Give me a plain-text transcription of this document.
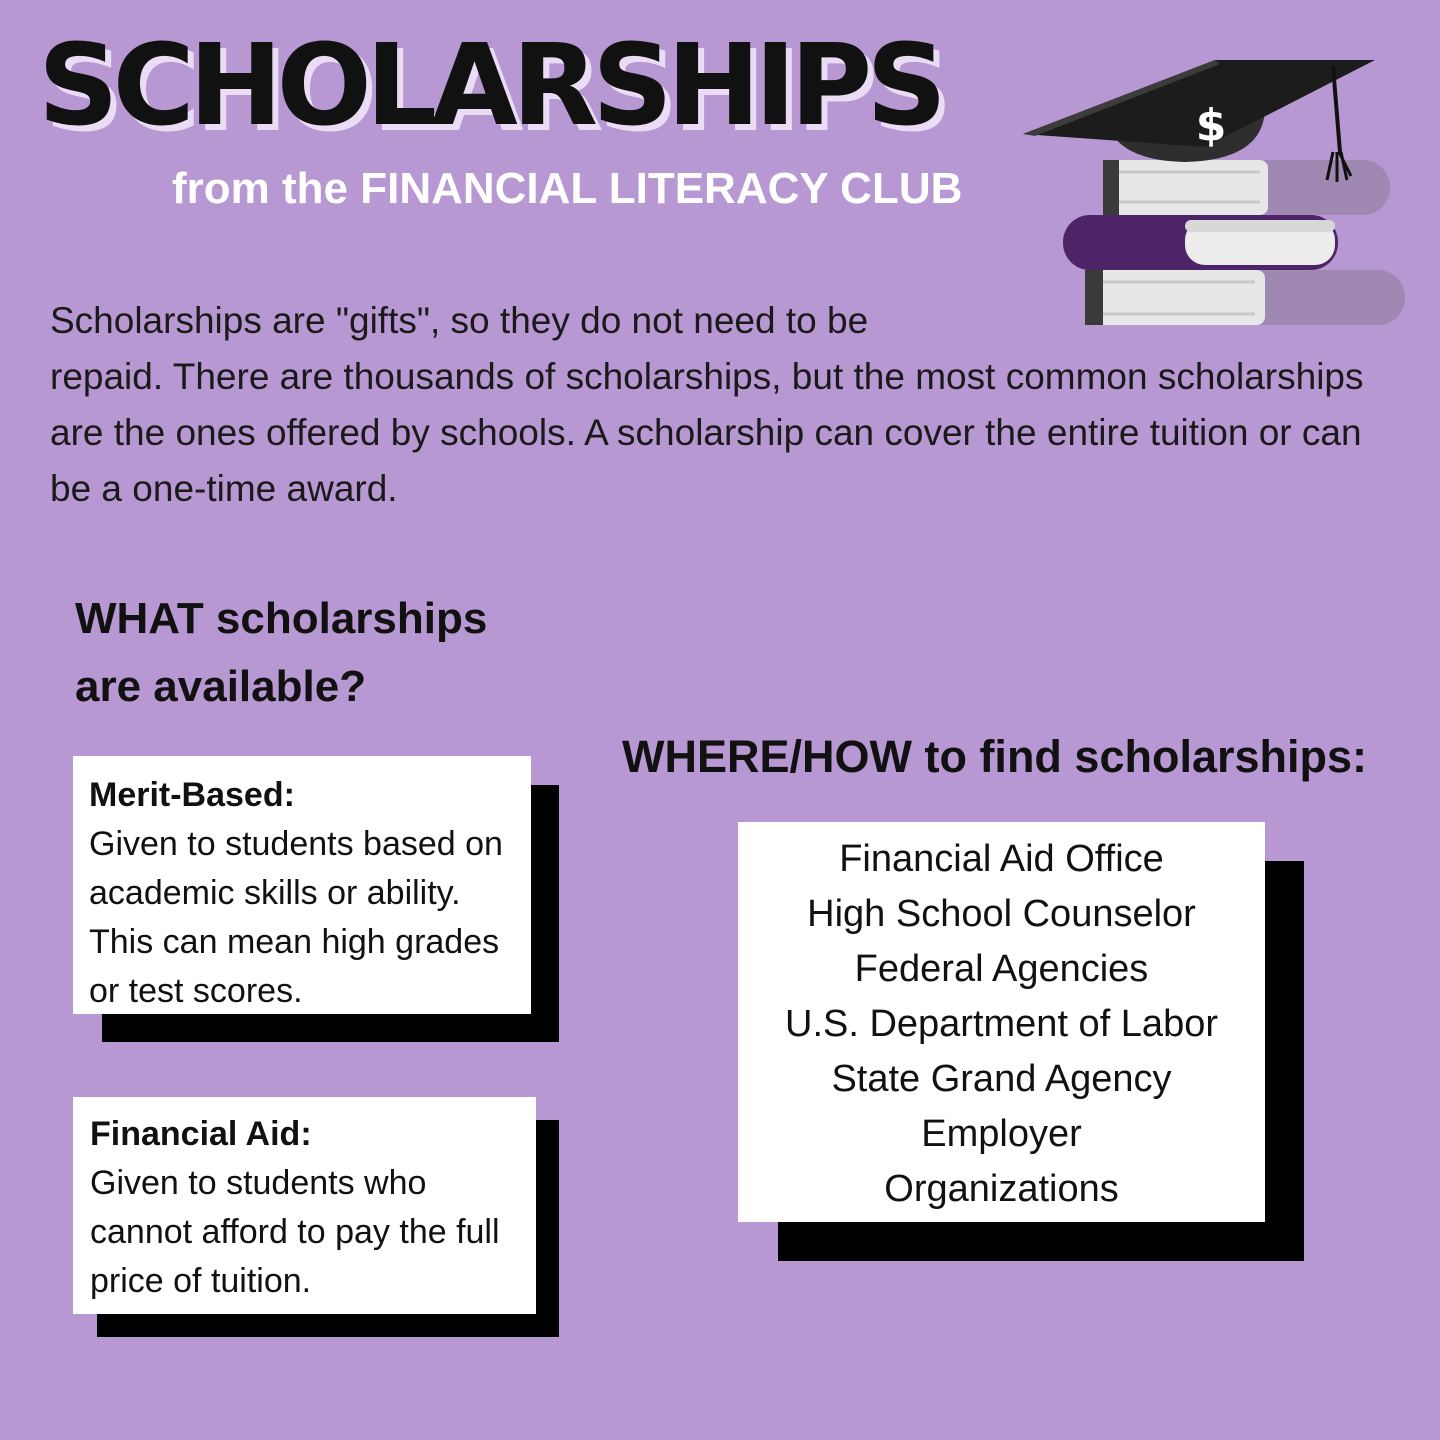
SCHOLARSHIPS

from the FINANCIAL LITERACY CLUB

$

Scholarships are "gifts", so they do not need to be
repaid. There are thousands of scholarships, but the most common scholarships are the ones offered by schools. A scholarship can cover the entire tuition or can be a one-time award.

WHAT scholarships
are available?
Merit-Based:
Given to students based on academic skills or ability. This can mean high grades or test scores.
Financial Aid:
Given to students who cannot afford to pay the full price of tuition.
WHERE/HOW to find scholarships:
Financial Aid Office
High School Counselor
Federal Agencies
U.S. Department of Labor
State Grand Agency
Employer
Organizations
